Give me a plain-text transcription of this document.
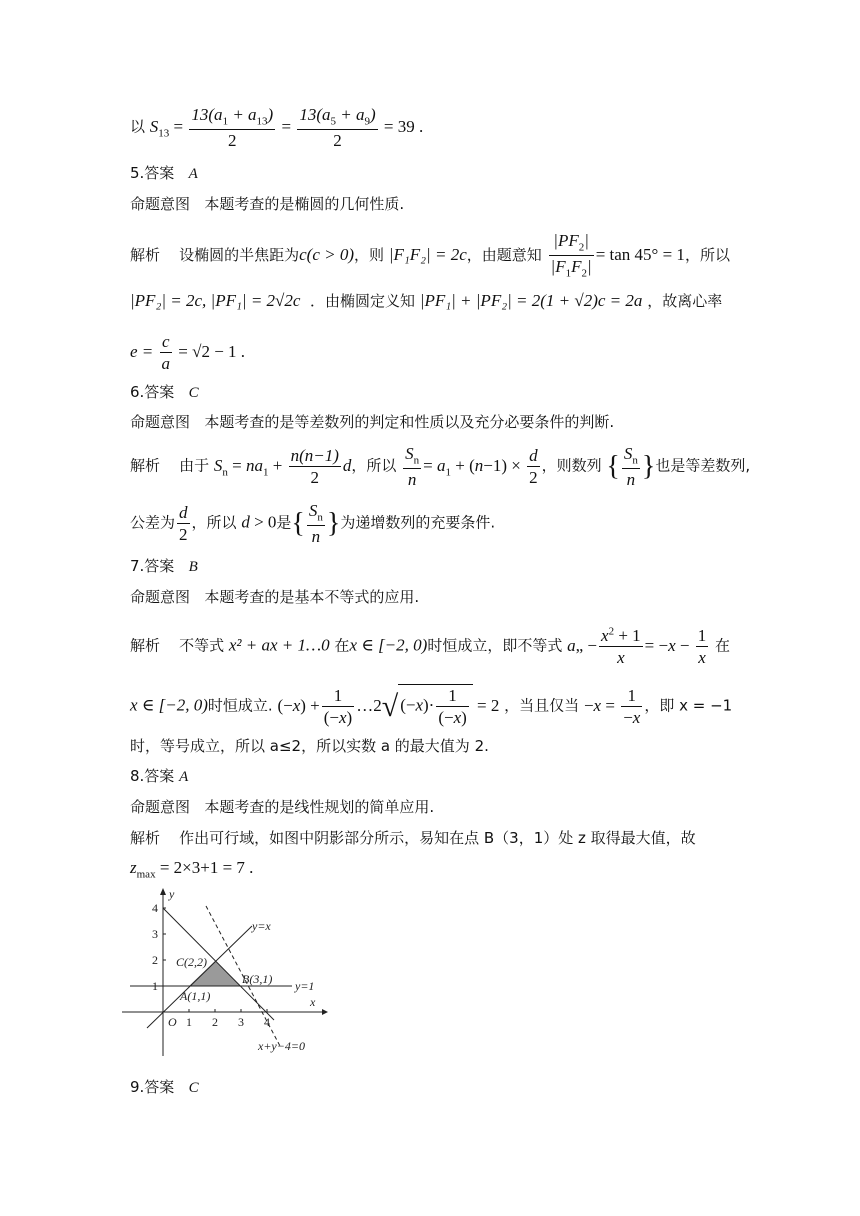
以 $S_{13} = \frac{13(a_1 + a_{13})}{2} = \frac{13(a_5 + a_9)}{2} = 39$ .
5.答案 A
命题意图 本题考查的是椭圆的几何性质.
解析 设椭圆的半焦距为c(c > 0)，则 |F₁F₂| = 2c，由题意知 $\frac{|PF_2|}{|F_1F_2|} = \tan 45^\circ = 1$，所以
|PF₂| = 2c, |PF₁| = 2√2c ．由椭圆定义知 |PF₁| + |PF₂| = 2(1 + √2)c = 2a ，故离心率
$e = \frac{c}{a} = √2 - 1$ .
6.答案 C
命题意图 本题考查的是等差数列的判定和性质以及充分必要条件的判断.
解析 由于 $S_n = na_1 + \frac{n(n-1)}{2}$ d，所以 $\frac{S_n}{n} = a_1 + (n-1) \times \frac{d}{2}$ ，则数列 { $\frac{S_n}{n}$ }也是等差数列,
公差为 $\frac{d}{2}$ ，所以 d > 0是{ $\frac{S_n}{n}$ }为递增数列的充要条件.
7.答案 B
命题意图 本题考查的是基本不等式的应用.
解析 不等式 x² + ax + 1…0 在x ∈ [−2, 0)时恒成立，即不等式 a„ − $\frac{x^2 + 1}{x} = -x - \frac{1}{x}$ 在
x ∈ [−2, 0)时恒成立. $(-x) + \frac{1}{(-x)}$ …2√ $(-x)\cdot \frac{1}{(-x)} = 2$ ，当且仅当 $-x = \frac{1}{-x}$ ，即 x = −1
时，等号成立，所以 a≤2，所以实数 a 的最大值为 2.
8.答案 A
命题意图 本题考查的是线性规划的简单应用.
解析 作出可行域，如图中阴影部分所示，易知在点 B（3，1）处 z 取得最大值，故
$z_{max} = 2\times 3+1 = 7$ .
1 2 3 4
1
2
3
4
O
x
y
y=x
y=1
x+y−4=0
C(2,2)
A(1,1)
B(3,1)
9.答案 C
